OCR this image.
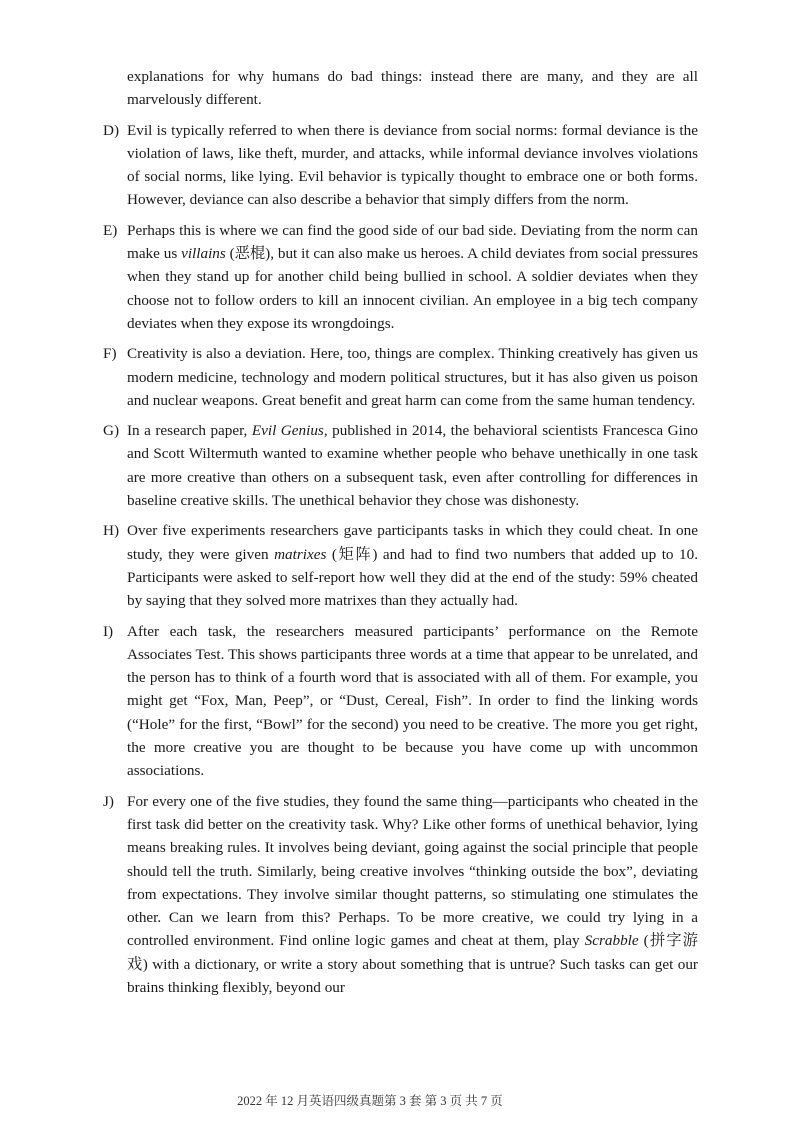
explanations for why humans do bad things: instead there are many, and they are all marvelously different.
D) Evil is typically referred to when there is deviance from social norms: formal deviance is the violation of laws, like theft, murder, and attacks, while informal deviance involves violations of social norms, like lying. Evil behavior is typically thought to embrace one or both forms. However, deviance can also describe a behavior that simply differs from the norm.
E) Perhaps this is where we can find the good side of our bad side. Deviating from the norm can make us villains (恶棍), but it can also make us heroes. A child deviates from social pressures when they stand up for another child being bullied in school. A soldier deviates when they choose not to follow orders to kill an innocent civilian. An employee in a big tech company deviates when they expose its wrongdoings.
F) Creativity is also a deviation. Here, too, things are complex. Thinking creatively has given us modern medicine, technology and modern political structures, but it has also given us poison and nuclear weapons. Great benefit and great harm can come from the same human tendency.
G) In a research paper, Evil Genius, published in 2014, the behavioral scientists Francesca Gino and Scott Wiltermuth wanted to examine whether people who behave unethically in one task are more creative than others on a subsequent task, even after controlling for differences in baseline creative skills. The unethical behavior they chose was dishonesty.
H) Over five experiments researchers gave participants tasks in which they could cheat. In one study, they were given matrixes (矩阵) and had to find two numbers that added up to 10. Participants were asked to self-report how well they did at the end of the study: 59% cheated by saying that they solved more matrixes than they actually had.
I) After each task, the researchers measured participants’ performance on the Remote Associates Test. This shows participants three words at a time that appear to be unrelated, and the person has to think of a fourth word that is associated with all of them. For example, you might get “Fox, Man, Peep”, or “Dust, Cereal, Fish”. In order to find the linking words (“Hole” for the first, “Bowl” for the second) you need to be creative. The more you get right, the more creative you are thought to be because you have come up with uncommon associations.
J) For every one of the five studies, they found the same thing—participants who cheated in the first task did better on the creativity task. Why? Like other forms of unethical behavior, lying means breaking rules. It involves being deviant, going against the social principle that people should tell the truth. Similarly, being creative involves “thinking outside the box”, deviating from expectations. They involve similar thought patterns, so stimulating one stimulates the other. Can we learn from this? Perhaps. To be more creative, we could try lying in a controlled environment. Find online logic games and cheat at them, play Scrabble (拼字游戏) with a dictionary, or write a story about something that is untrue? Such tasks can get our brains thinking flexibly, beyond our
2022 年 12 月英语四级真题第 3 套 第 3 页 共 7 页
